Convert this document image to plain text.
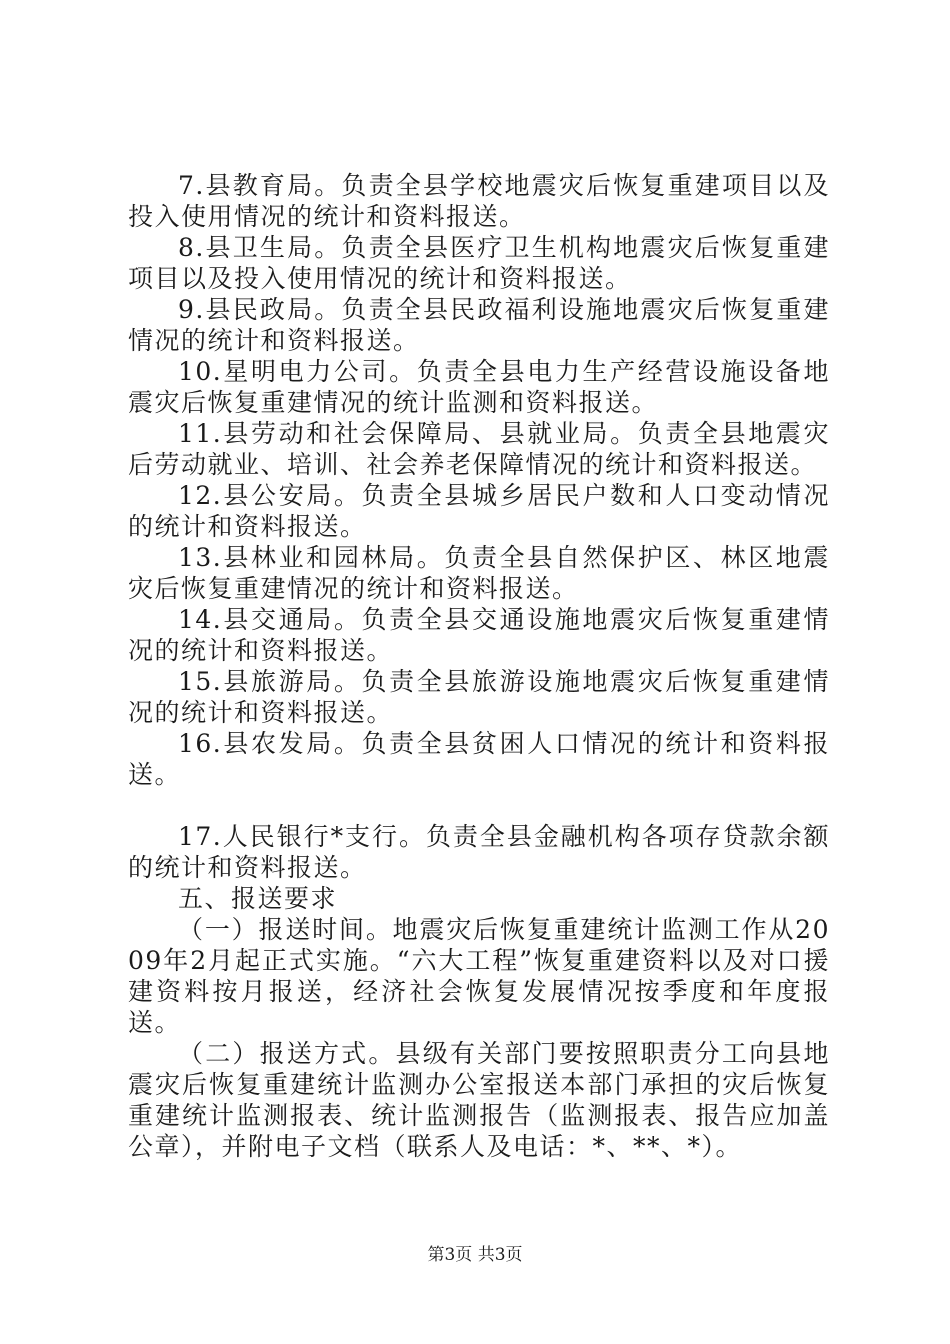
7.县教育局。负责全县学校地震灾后恢复重建项目以及投入使用情况的统计和资料报送。

8.县卫生局。负责全县医疗卫生机构地震灾后恢复重建项目以及投入使用情况的统计和资料报送。

9.县民政局。负责全县民政福利设施地震灾后恢复重建情况的统计和资料报送。

10.星明电力公司。负责全县电力生产经营设施设备地震灾后恢复重建情况的统计监测和资料报送。

11.县劳动和社会保障局、县就业局。负责全县地震灾后劳动就业、培训、社会养老保障情况的统计和资料报送。

12.县公安局。负责全县城乡居民户数和人口变动情况的统计和资料报送。

13.县林业和园林局。负责全县自然保护区、林区地震灾后恢复重建情况的统计和资料报送。

14.县交通局。负责全县交通设施地震灾后恢复重建情况的统计和资料报送。

15.县旅游局。负责全县旅游设施地震灾后恢复重建情况的统计和资料报送。

16.县农发局。负责全县贫困人口情况的统计和资料报送。

17.人民银行*支行。负责全县金融机构各项存贷款余额的统计和资料报送。

五、报送要求

（一）报送时间。地震灾后恢复重建统计监测工作从2009年2月起正式实施。“六大工程”恢复重建资料以及对口援建资料按月报送，经济社会恢复发展情况按季度和年度报送。

（二）报送方式。县级有关部门要按照职责分工向县地震灾后恢复重建统计监测办公室报送本部门承担的灾后恢复重建统计监测报表、统计监测报告（监测报表、报告应加盖公章），并附电子文档（联系人及电话：*、**、*）。

第3页 共3页
